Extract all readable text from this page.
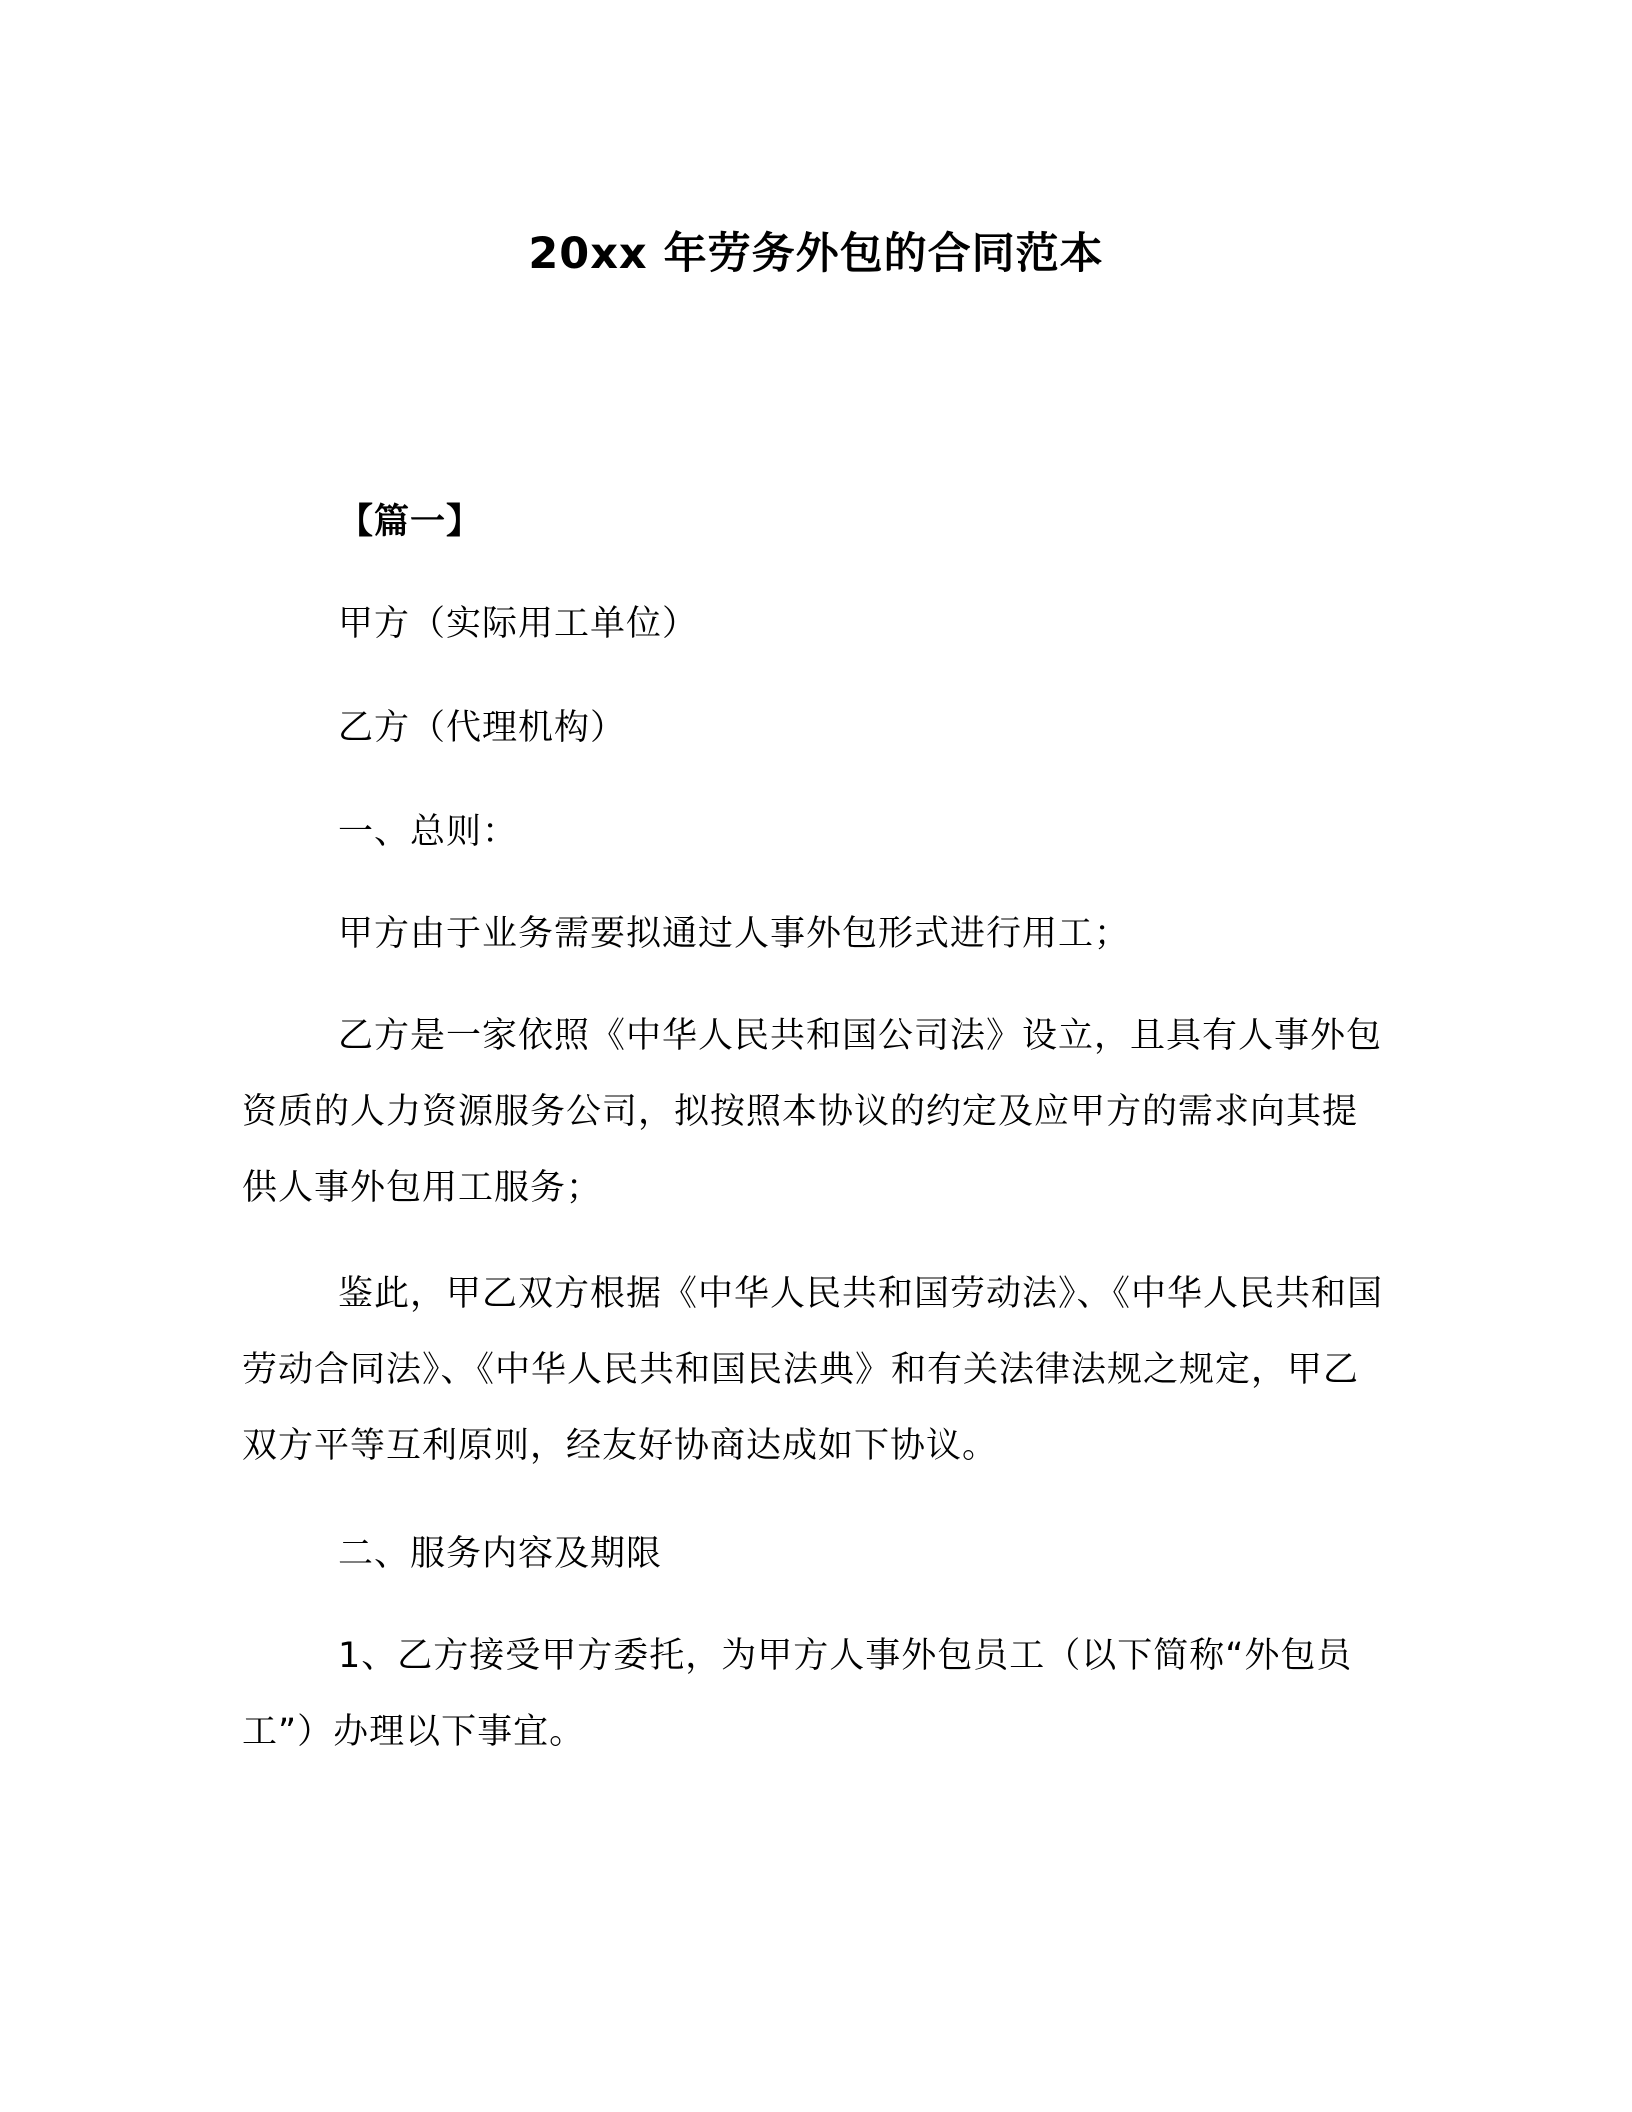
20xx 年劳务外包的合同范本

【篇一】

甲方（实际用工单位）

乙方（代理机构）

一、总则：

甲方由于业务需要拟通过人事外包形式进行用工；

乙方是一家依照《中华人民共和国公司法》设立，且具有人事外包资质的人力资源服务公司，拟按照本协议的约定及应甲方的需求向其提供人事外包用工服务；

鉴此，甲乙双方根据《中华人民共和国劳动法》、《中华人民共和国劳动合同法》、《中华人民共和国民法典》和有关法律法规之规定，甲乙双方平等互利原则，经友好协商达成如下协议。

二、服务内容及期限

1、乙方接受甲方委托，为甲方人事外包员工（以下简称“外包员工”）办理以下事宜。
